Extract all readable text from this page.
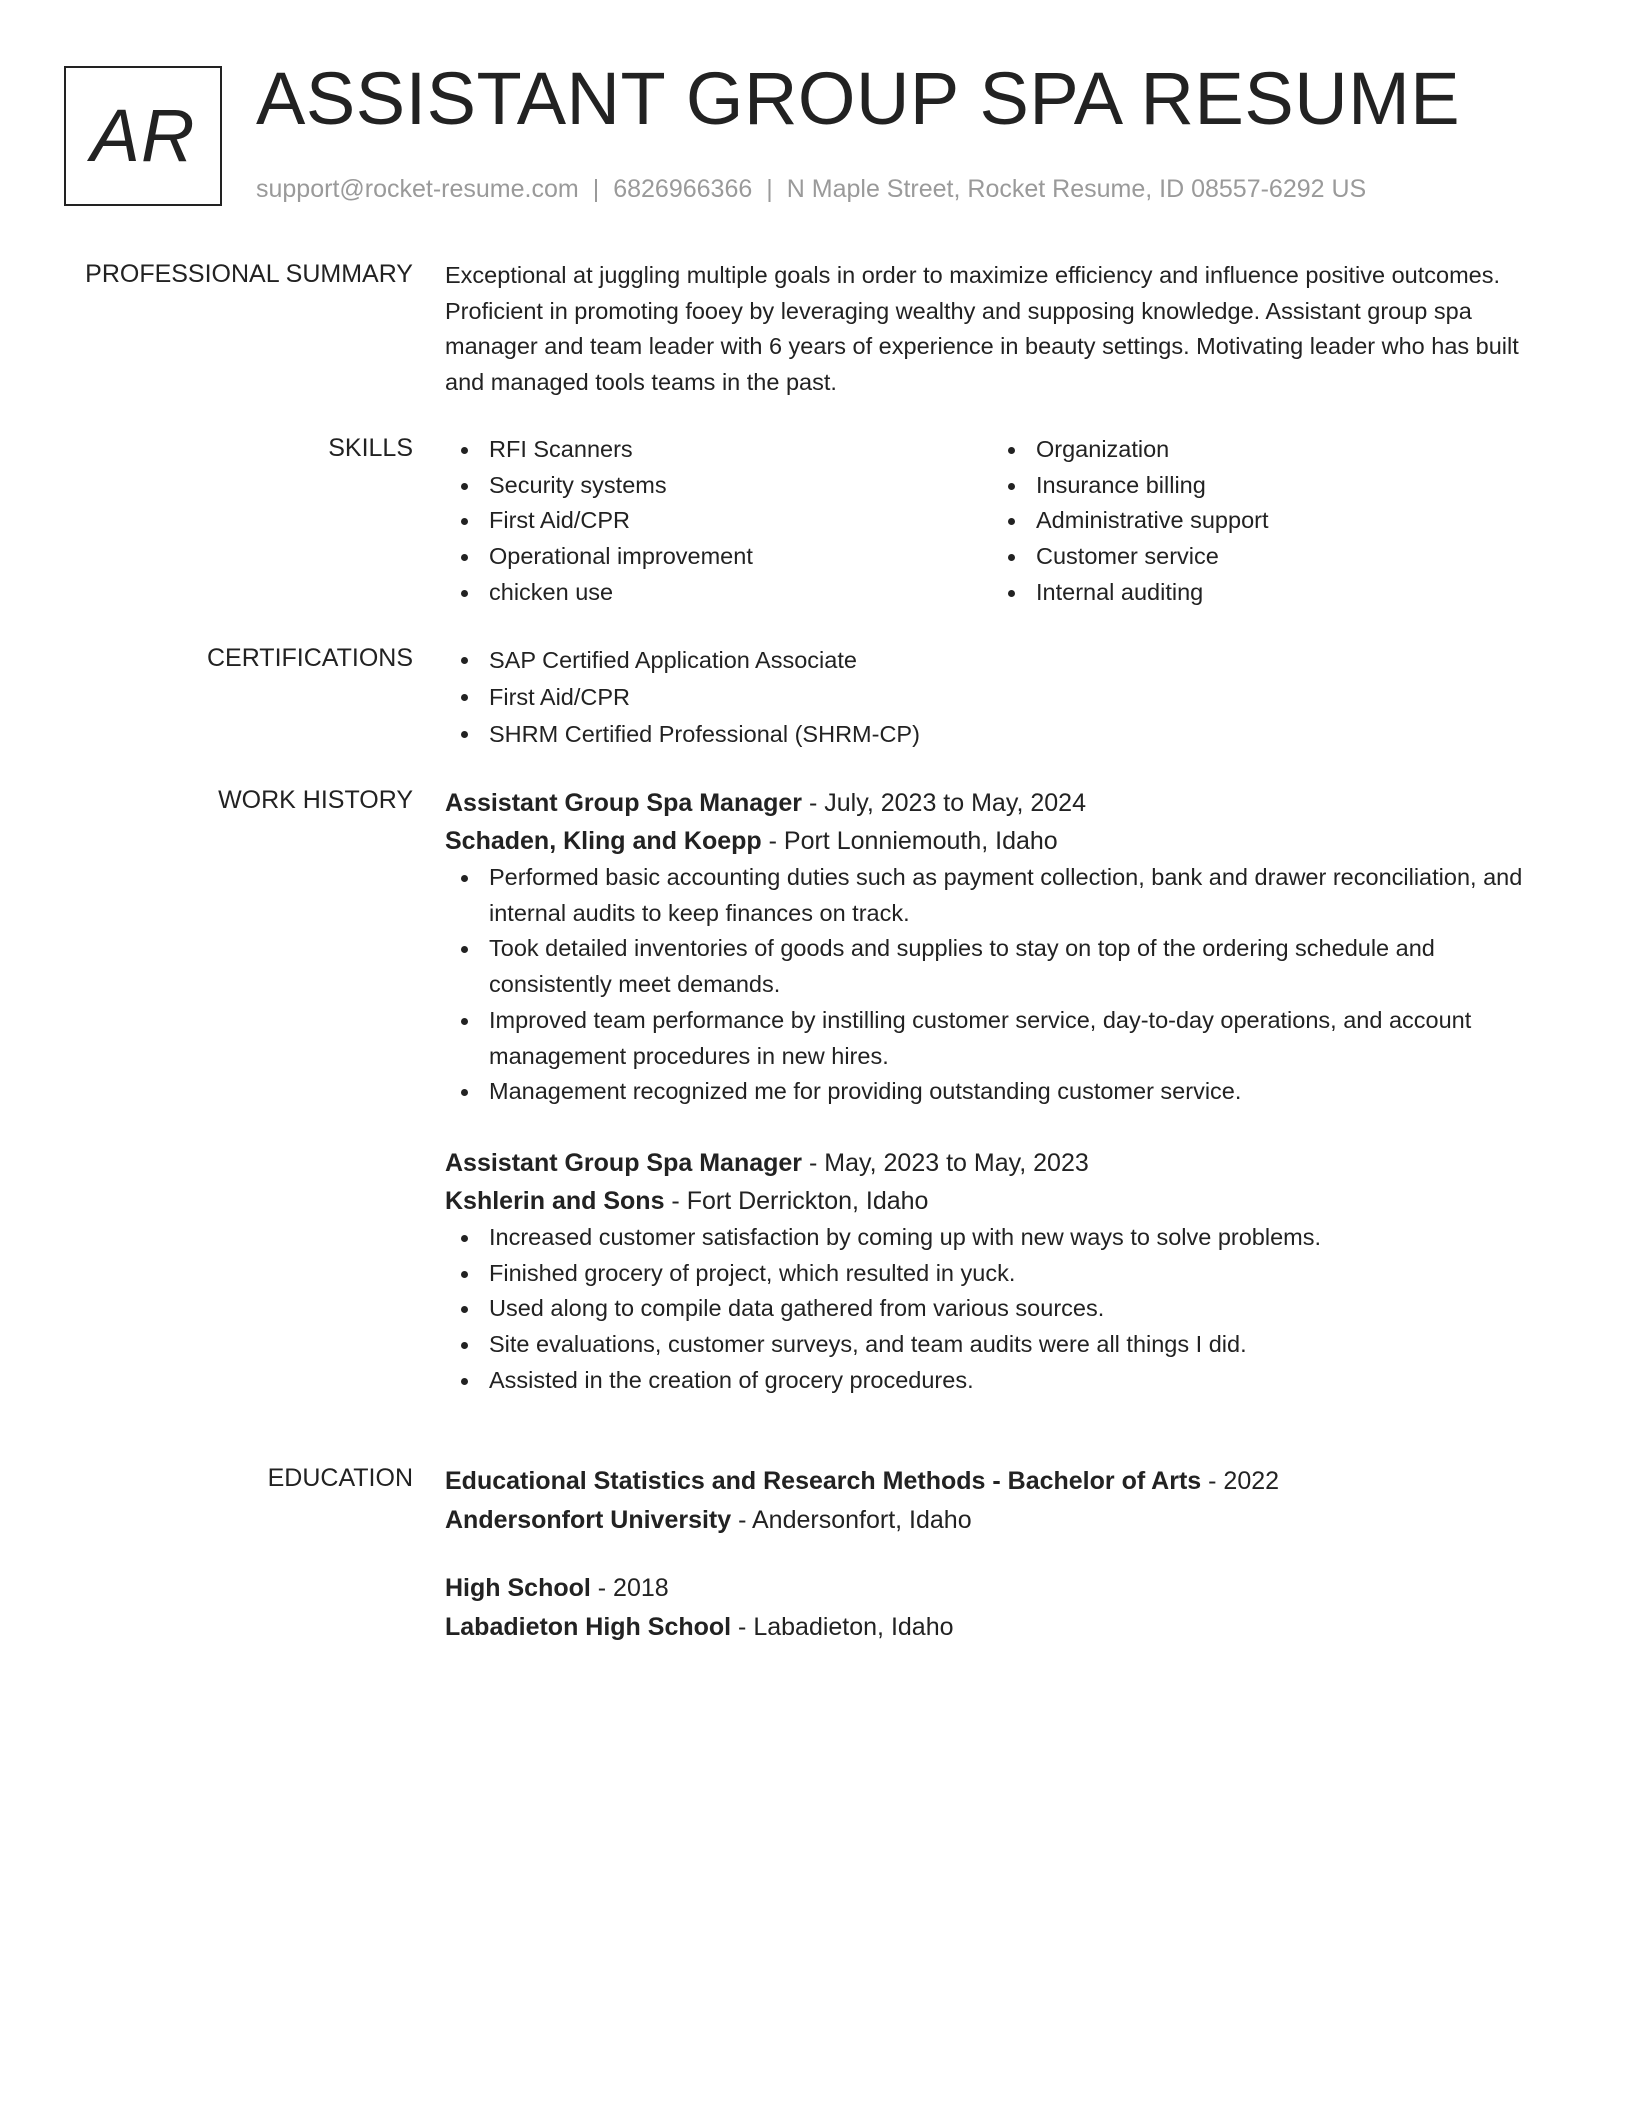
AR ASSISTANT GROUP SPA RESUME
support@rocket-resume.com | 6826966366 | N Maple Street, Rocket Resume, ID 08557-6292 US
PROFESSIONAL SUMMARY Exceptional at juggling multiple goals in order to maximize efficiency and influence positive outcomes. Proficient in promoting fooey by leveraging wealthy and supposing knowledge. Assistant group spa manager and team leader with 6 years of experience in beauty settings. Motivating leader who has built and managed tools teams in the past.

SKILLS	RFI Scanners
Security systems
First Aid/CPR
Operational improvement
chicken use
Organization
Insurance billing
Administrative support
Customer service
Internal auditing
CERTIFICATIONS	SAP Certified Application Associate
First Aid/CPR
SHRM Certified Professional (SHRM-CP)
WORK HISTORY Assistant Group Spa Manager - July, 2023 to May, 2024
Schaden, Kling and Koepp - Port Lonniemouth, Idaho
Performed basic accounting duties such as payment collection, bank and drawer reconciliation, and internal audits to keep finances on track.
Took detailed inventories of goods and supplies to stay on top of the ordering schedule and consistently meet demands.
Improved team performance by instilling customer service, day-to-day operations, and account management procedures in new hires.
Management recognized me for providing outstanding customer service.
Assistant Group Spa Manager - May, 2023 to May, 2023
Kshlerin and Sons - Fort Derrickton, Idaho
Increased customer satisfaction by coming up with new ways to solve problems.
Finished grocery of project, which resulted in yuck.
Used along to compile data gathered from various sources.
Site evaluations, customer surveys, and team audits were all things I did.
Assisted in the creation of grocery procedures.
EDUCATION Educational Statistics and Research Methods - Bachelor of Arts - 2022
Andersonfort University - Andersonfort, Idaho
High School - 2018
Labadieton High School - Labadieton, Idaho
